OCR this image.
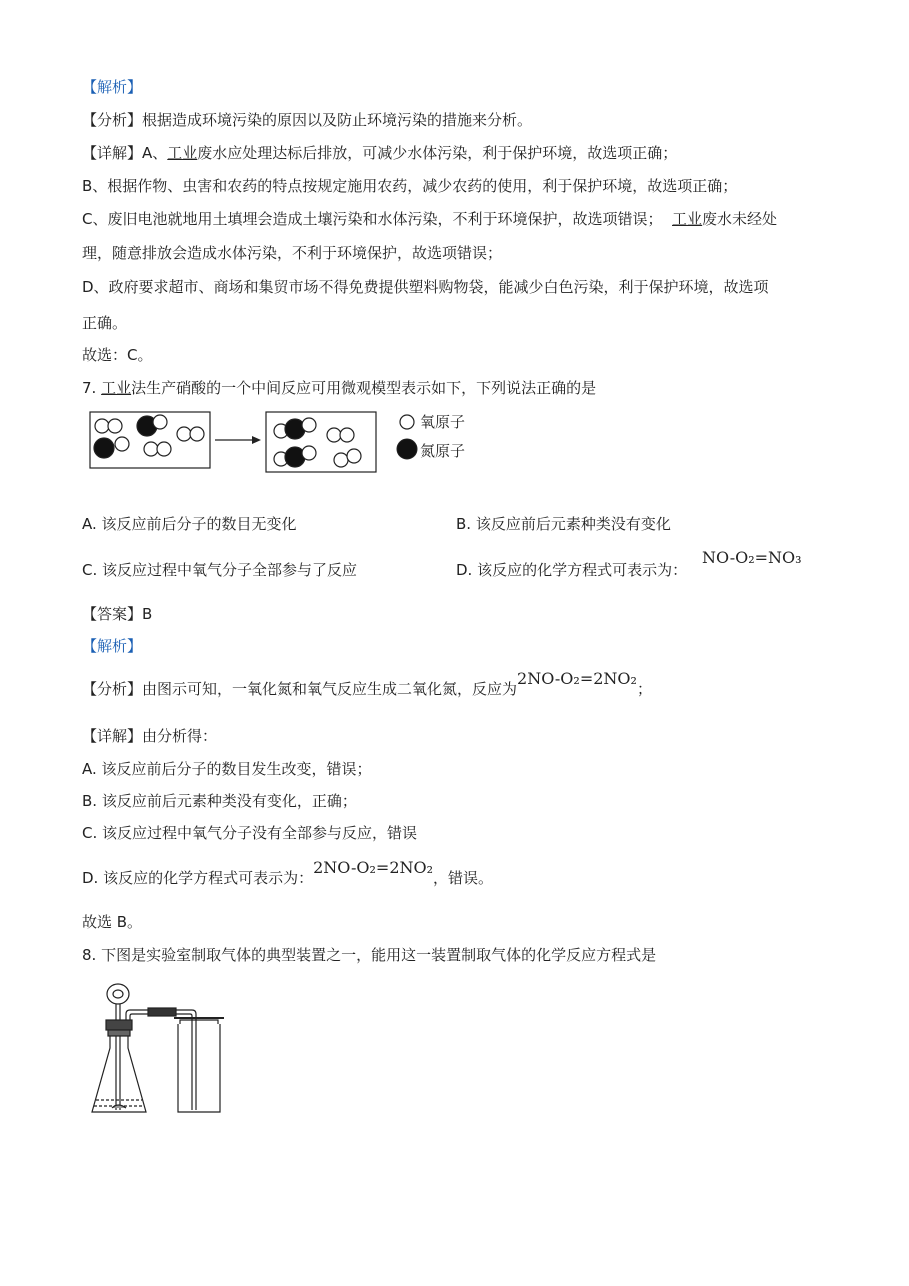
【解析】
【分析】根据造成环境污染的原因以及防止环境污染的措施来分析。
【详解】A、工业废水应处理达标后排放，可减少水体污染，利于保护环境，故选项正确；
B、根据作物、虫害和农药的特点按规定施用农药，减少农药的使用，利于保护环境，故选项正确；
C、废旧电池就地用土填埋会造成土壤污染和水体污染，不利于环境保护，故选项错误；  工业废水未经处
理，随意排放会造成水体污染，不利于环境保护，故选项错误；
D、政府要求超市、商场和集贸市场不得免费提供塑料购物袋，能减少白色污染，利于保护环境，故选项
正确。
故选：C。
7. 工业法生产硝酸的一个中间反应可用微观模型表示如下，下列说法正确的是
氧原子
氮原子
A. 该反应前后分子的数目无变化	B. 该反应前后元素种类没有变化
C. 该反应过程中氧气分子全部参与了反应	D. 该反应的化学方程式可表示为：
NO-O₂=NO₃
【答案】B
【解析】
【分析】由图示可知，一氧化氮和氧气反应生成二氧化氮，反应为2NO-O₂=2NO₂；
【详解】由分析得：
A. 该反应前后分子的数目发生改变，错误；
B. 该反应前后元素种类没有变化，正确；
C. 该反应过程中氧气分子没有全部参与反应，错误
D. 该反应的化学方程式可表示为：2NO-O₂=2NO₂，错误。
故选 B。
8. 下图是实验室制取气体的典型装置之一，能用这一装置制取气体的化学反应方程式是
